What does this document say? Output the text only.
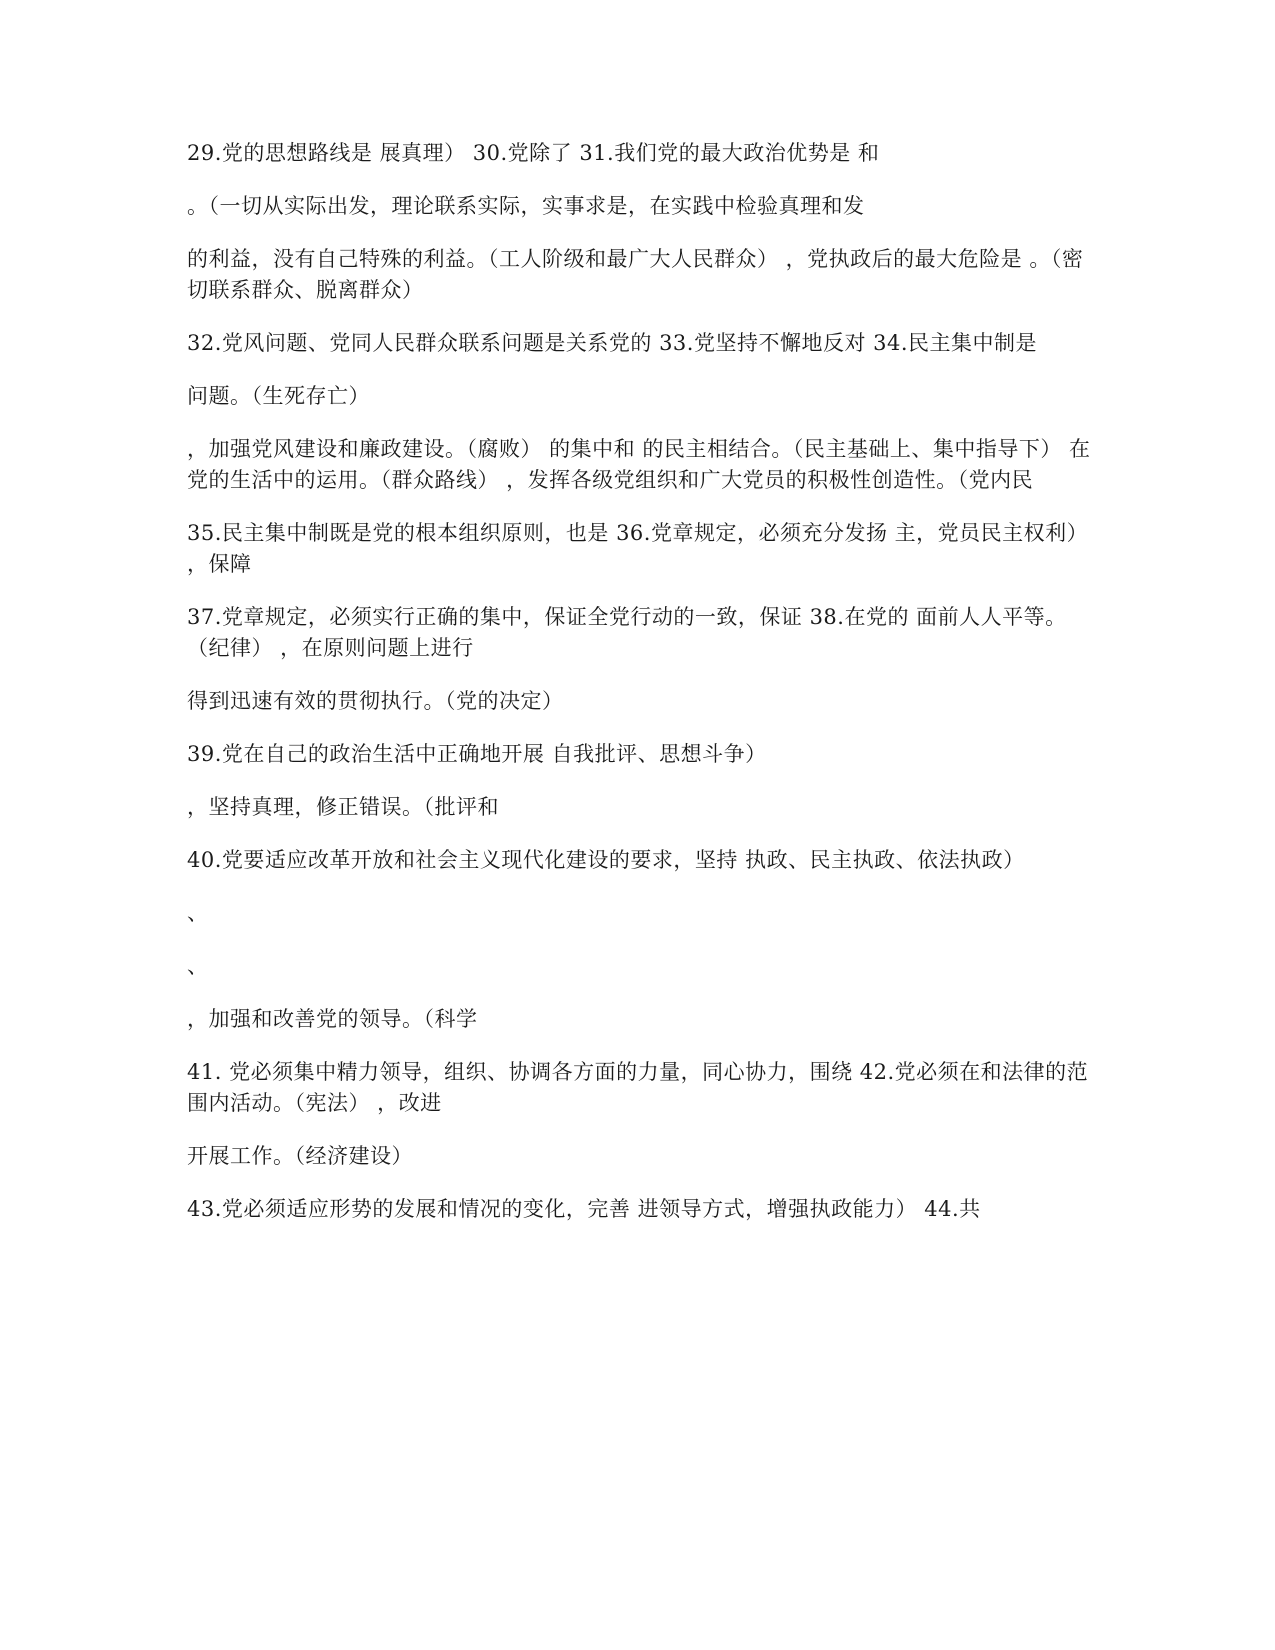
29.党的思想路线是 展真理） 30.党除了 31.我们党的最大政治优势是 和

。（一切从实际出发，理论联系实际，实事求是，在实践中检验真理和发

的利益，没有自己特殊的利益。（工人阶级和最广大人民群众） ，党执政后的最大危险是 。（密切联系群众、脱离群众）

32.党风问题、党同人民群众联系问题是关系党的 33.党坚持不懈地反对 34.民主集中制是

问题。（生死存亡）

，加强党风建设和廉政建设。（腐败） 的集中和 的民主相结合。（民主基础上、集中指导下） 在党的生活中的运用。（群众路线） ，发挥各级党组织和广大党员的积极性创造性。（党内民

35.民主集中制既是党的根本组织原则，也是 36.党章规定，必须充分发扬 主，党员民主权利） ，保障

37.党章规定，必须实行正确的集中，保证全党行动的一致，保证 38.在党的 面前人人平等。（纪律） ，在原则问题上进行

得到迅速有效的贯彻执行。（党的决定）

39.党在自己的政治生活中正确地开展 自我批评、思想斗争）

，坚持真理，修正错误。（批评和

40.党要适应改革开放和社会主义现代化建设的要求，坚持 执政、民主执政、依法执政）

、

、

，加强和改善党的领导。（科学

41. 党必须集中精力领导，组织、协调各方面的力量，同心协力，围绕 42.党必须在和法律的范围内活动。（宪法） ，改进

开展工作。（经济建设）

43.党必须适应形势的发展和情况的变化，完善 进领导方式，增强执政能力） 44.共
